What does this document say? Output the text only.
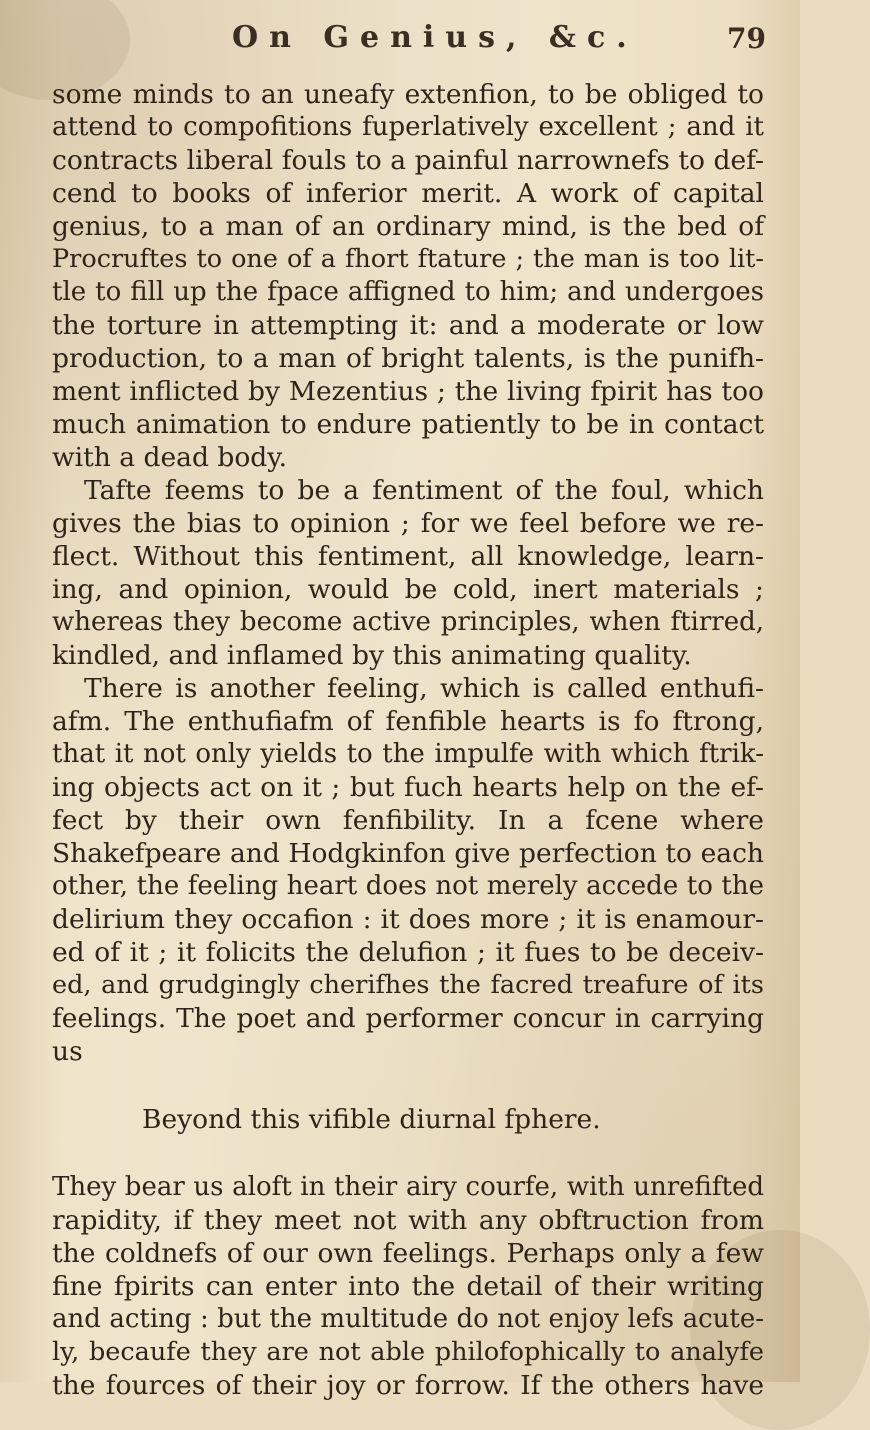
On Genius, &c.	79
some minds to an uneafy extenfion, to be obliged to
attend to compofitions fuperlatively excellent ; and it
contracts liberal fouls to a painful narrownefs to def-
cend to books of inferior merit. A work of capital
genius, to a man of an ordinary mind, is the bed of
Procruftes to one of a fhort ftature ; the man is too lit-
tle to fill up the fpace affigned to him; and undergoes
the torture in attempting it: and a moderate or low
production, to a man of bright talents, is the punifh-
ment inflicted by Mezentius ; the living fpirit has too
much animation to endure patiently to be in contact
with a dead body.
Tafte feems to be a fentiment of the foul, which
gives the bias to opinion ; for we feel before we re-
flect. Without this fentiment, all knowledge, learn-
ing, and opinion, would be cold, inert materials ;
whereas they become active principles, when ftirred,
kindled, and inflamed by this animating quality.
There is another feeling, which is called enthufi-
afm. The enthufiafm of fenfible hearts is fo ftrong,
that it not only yields to the impulfe with which ftrik-
ing objects act on it ; but fuch hearts help on the ef-
fect by their own fenfibility. In a fcene where
Shakefpeare and Hodgkinfon give perfection to each
other, the feeling heart does not merely accede to the
delirium they occafion : it does more ; it is enamour-
ed of it ; it folicits the delufion ; it fues to be deceiv-
ed, and grudgingly cherifhes the facred treafure of its
feelings. The poet and performer concur in carrying
us
Beyond this vifible diurnal fphere.
They bear us aloft in their airy courfe, with unrefifted
rapidity, if they meet not with any obftruction from
the coldnefs of our own feelings. Perhaps only a few
fine fpirits can enter into the detail of their writing
and acting : but the multitude do not enjoy lefs acute-
ly, becaufe they are not able philofophically to analyfe
the fources of their joy or forrow. If the others have
